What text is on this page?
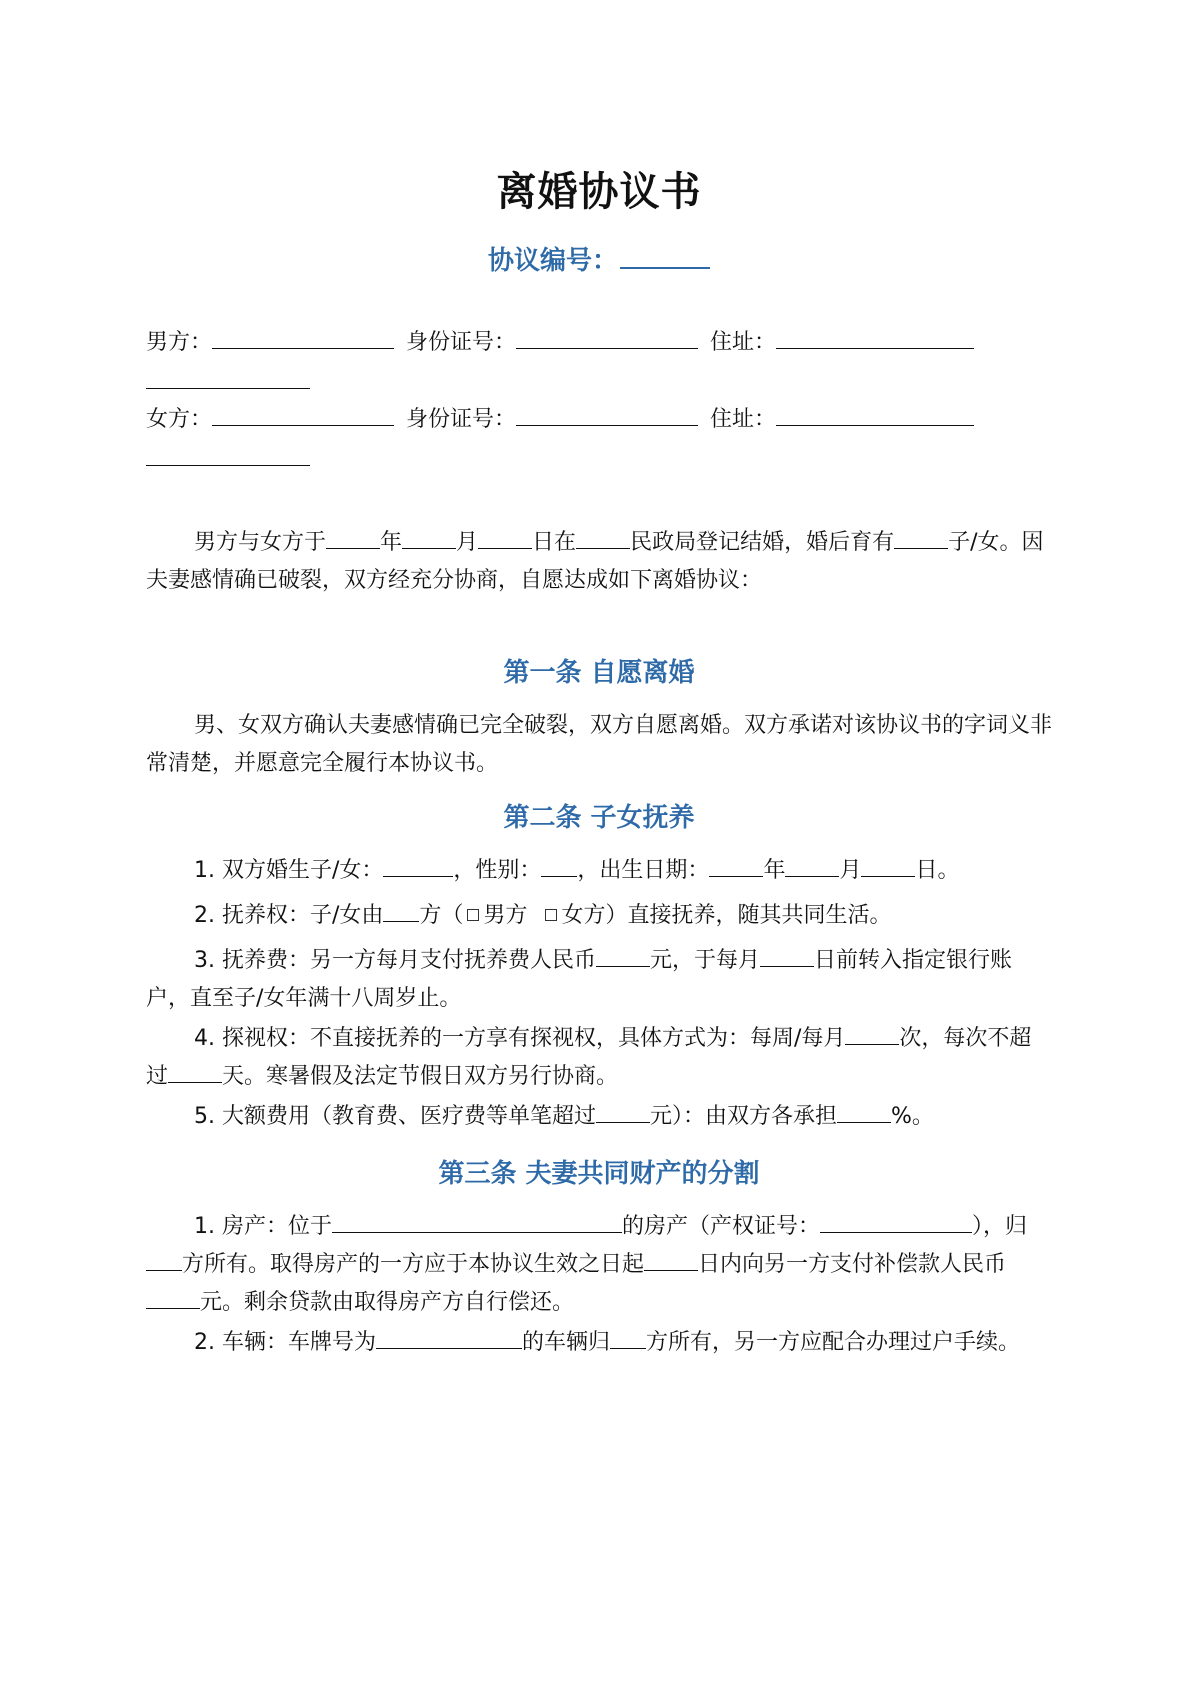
离婚协议书

协议编号：

男方：	身份证号：	住址：

女方：	身份证号：	住址：

男方与女方于 年 月 日在 民政局登记结婚，婚后育有 子/女。因夫妻感情确已破裂，双方经充分协商，自愿达成如下离婚协议：

第一条 自愿离婚

男、女双方确认夫妻感情确已完全破裂，双方自愿离婚。双方承诺对该协议书的字词义非常清楚，并愿意完全履行本协议书。

第二条 子女抚养

1. 双方婚生子/女：	，性别： ，出生日期： 年 月 日。

2. 抚养权：子/女由 方（ 男方 女方）直接抚养，随其共同生活。

3. 抚养费：另一方每月支付抚养费人民币 元，于每月 日前转入指定银行账户，直至子/女年满十八周岁止。

4. 探视权：不直接抚养的一方享有探视权，具体方式为：每周/每月 次，每次不超过 天。寒暑假及法定节假日双方另行协商。

5. 大额费用（教育费、医疗费等单笔超过 元）：由双方各承担 %。

第三条 夫妻共同财产的分割

1. 房产：位于	的房产（产权证号：	），归方所有。取得房产的一方应于本协议生效之日起 日内向另一方支付补偿款人民币元。剩余贷款由取得房产方自行偿还。

2. 车辆：车牌号为	的车辆归 方所有，另一方应配合办理过户手续。
